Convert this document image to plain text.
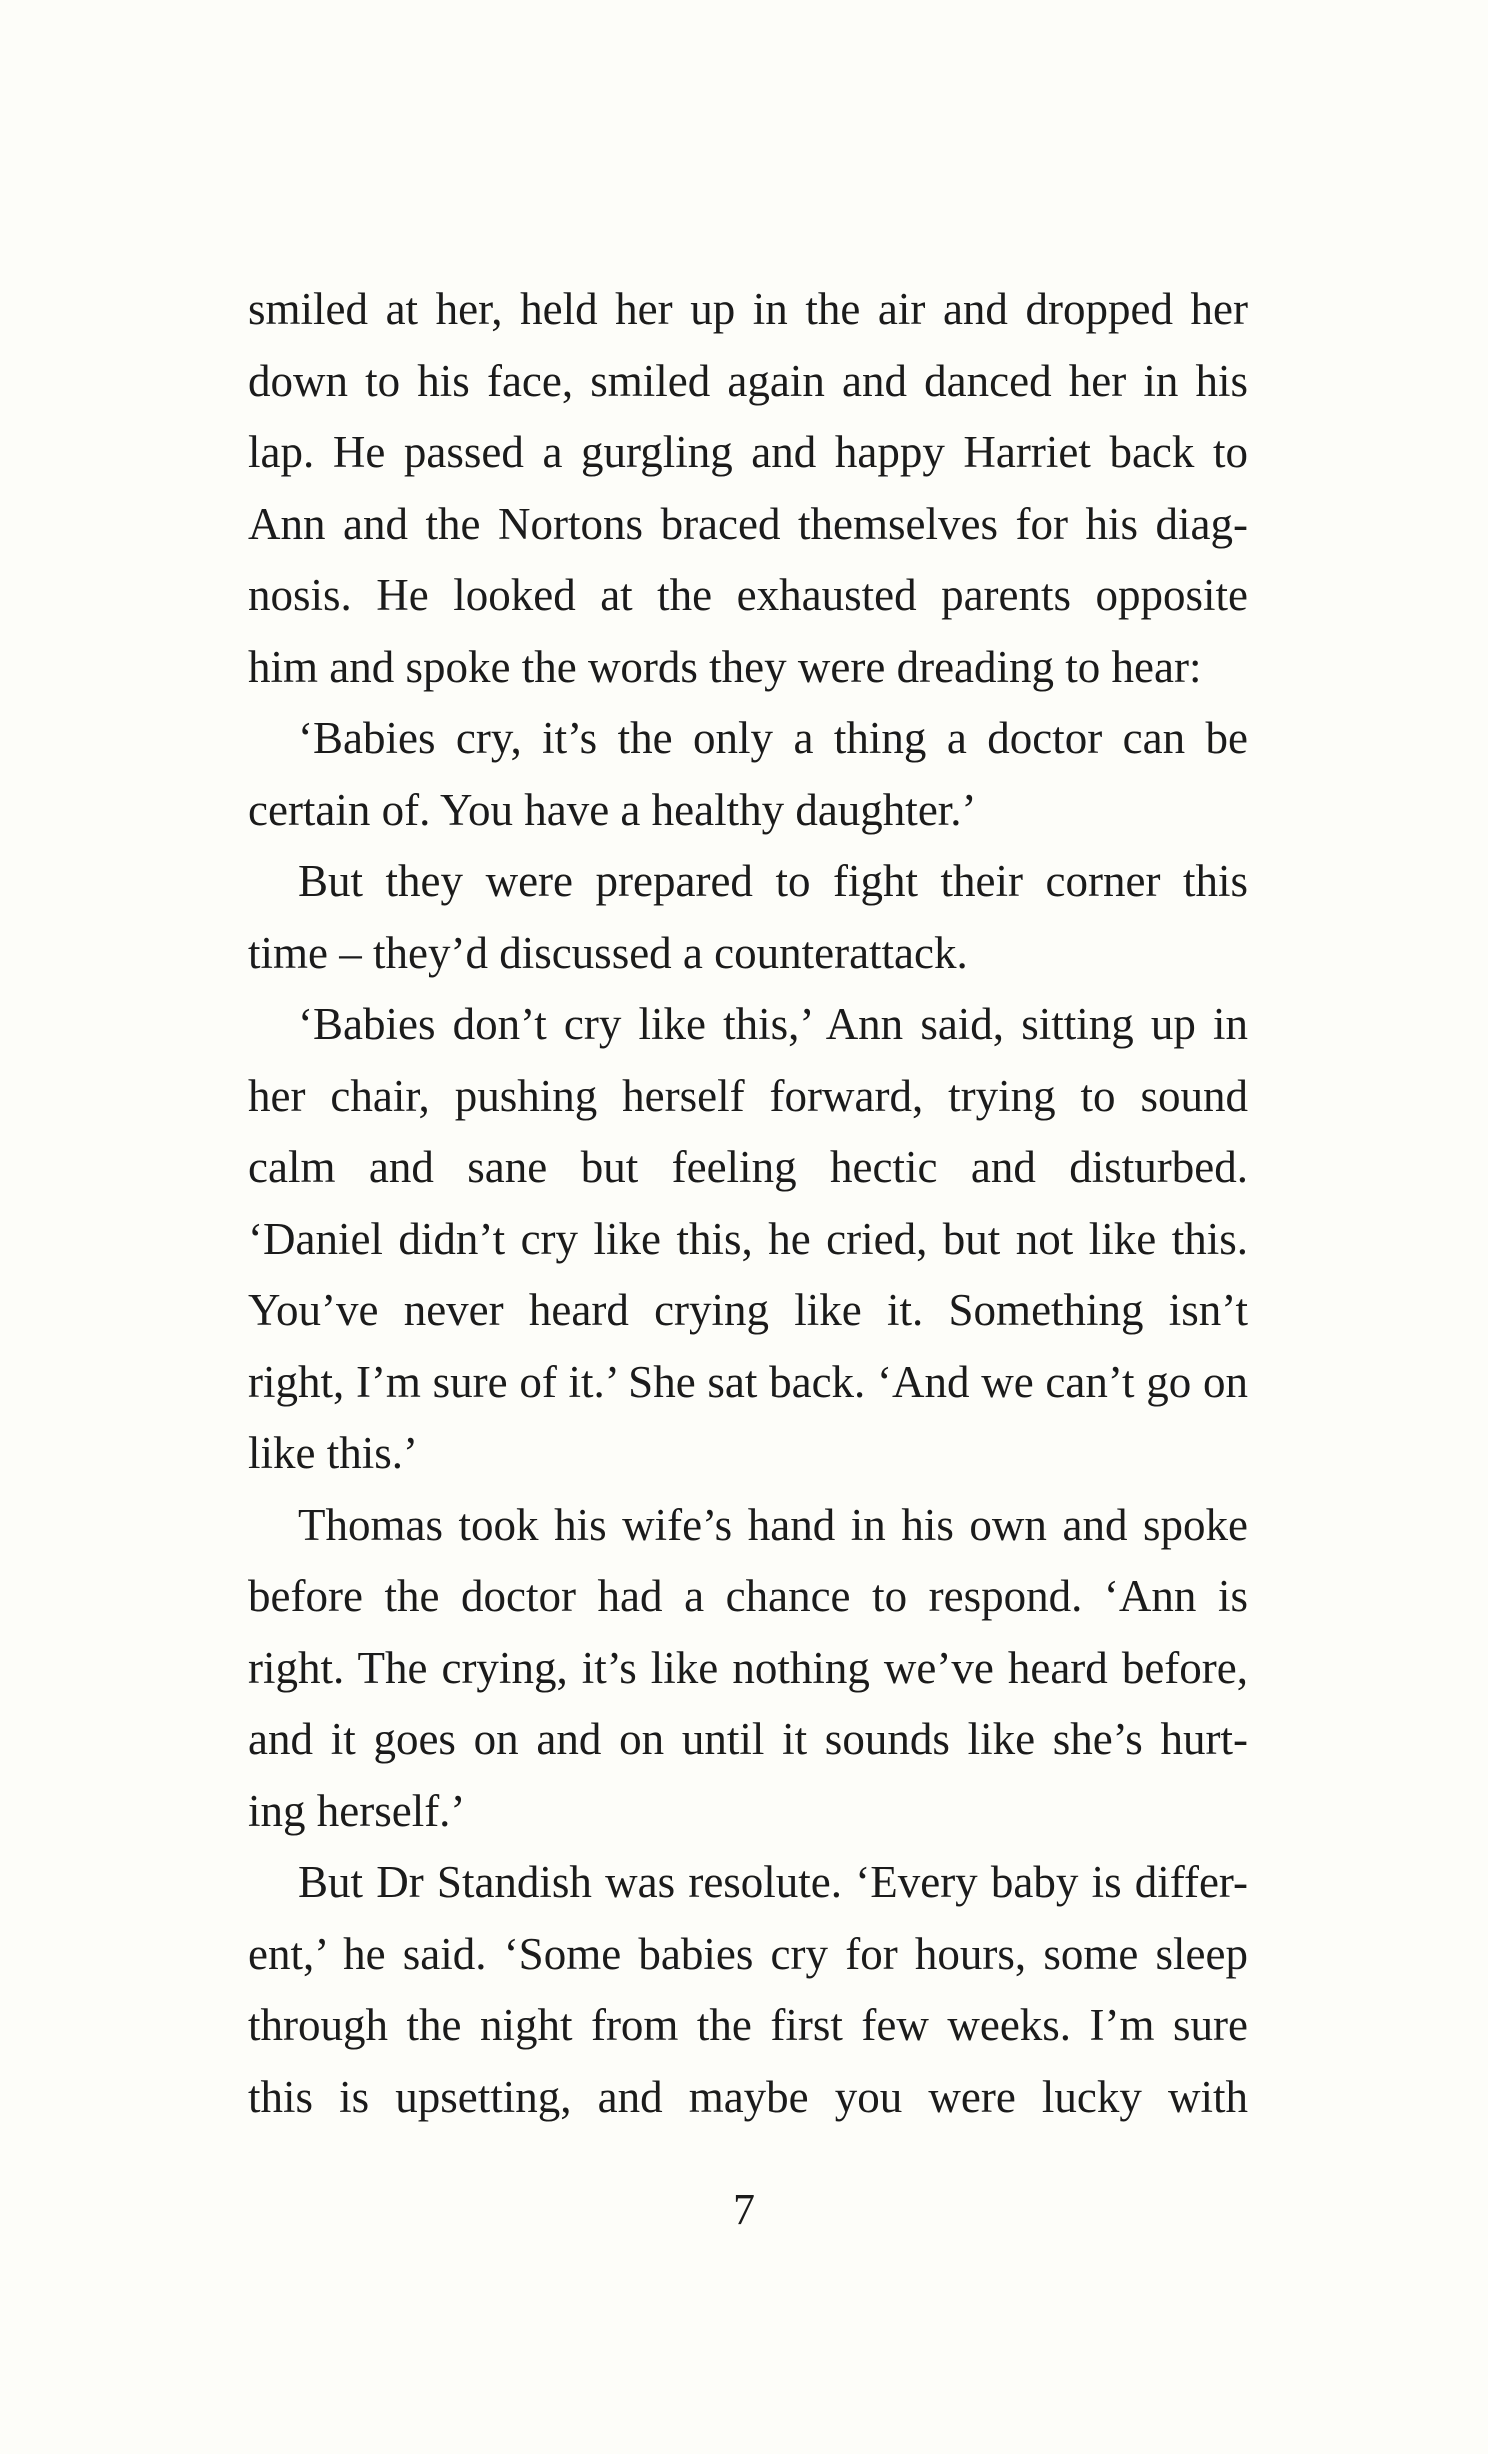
smiled at her, held her up in the air and dropped her
down to his face, smiled again and danced her in his
lap. He passed a gurgling and happy Harriet back to
Ann and the Nortons braced themselves for his diag-
nosis. He looked at the exhausted parents opposite
him and spoke the words they were dreading to hear:
‘Babies cry, it’s the only a thing a doctor can be
certain of. You have a healthy daughter.’
But they were prepared to fight their corner this
time – they’d discussed a counterattack.
‘Babies don’t cry like this,’ Ann said, sitting up in
her chair, pushing herself forward, trying to sound
calm and sane but feeling hectic and disturbed.
‘Daniel didn’t cry like this, he cried, but not like this.
You’ve never heard crying like it. Something isn’t
right, I’m sure of it.’ She sat back. ‘And we can’t go on
like this.’
Thomas took his wife’s hand in his own and spoke
before the doctor had a chance to respond. ‘Ann is
right. The crying, it’s like nothing we’ve heard before,
and it goes on and on until it sounds like she’s hurt-
ing herself.’
But Dr Standish was resolute. ‘Every baby is differ-
ent,’ he said. ‘Some babies cry for hours, some sleep
through the night from the first few weeks. I’m sure
this is upsetting, and maybe you were lucky with
7
